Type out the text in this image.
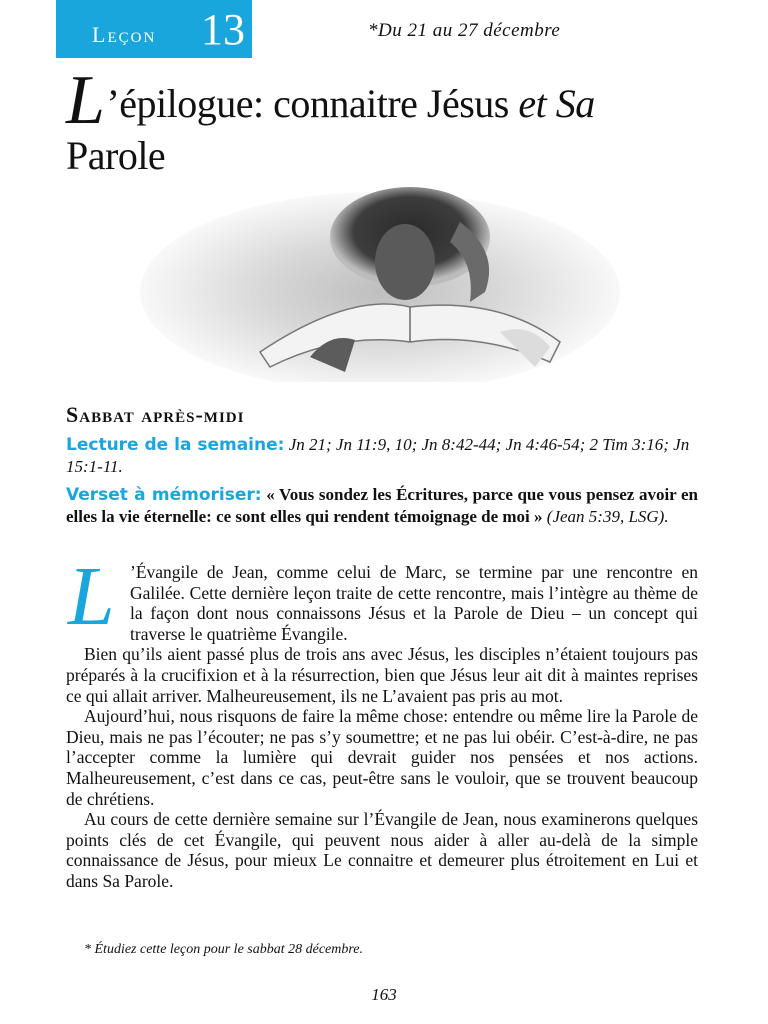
Leçon 13	*Du 21 au 27 décembre
L’épilogue: connaitre Jésus et Sa
Parole
Sabbat après-midi
Lecture de la semaine: Jn 21; Jn 11:9, 10; Jn 8:42-44; Jn 4:46-54; 2 Tim 3:16; Jn 15:1-11.
Verset à mémoriser: « Vous sondez les Écritures, parce que vous pensez avoir en elles la vie éternelle: ce sont elles qui rendent témoignage de moi » (Jean 5:39, LSG).
L ’Évangile de Jean, comme celui de Marc, se termine par une rencontre en Galilée. Cette dernière leçon traite de cette rencontre, mais l’intègre au thème de la façon dont nous connaissons Jésus et la Parole de Dieu – un concept qui traverse le quatrième Évangile.

Bien qu’ils aient passé plus de trois ans avec Jésus, les disciples n’étaient toujours pas préparés à la crucifixion et à la résurrection, bien que Jésus leur ait dit à maintes reprises ce qui allait arriver. Malheureusement, ils ne L’avaient pas pris au mot.

Aujourd’hui, nous risquons de faire la même chose: entendre ou même lire la Parole de Dieu, mais ne pas l’écouter; ne pas s’y soumettre; et ne pas lui obéir. C’est-à-dire, ne pas l’accepter comme la lumière qui devrait guider nos pensées et nos actions. Malheureusement, c’est dans ce cas, peut-être sans le vouloir, que se trouvent beaucoup de chrétiens.

Au cours de cette dernière semaine sur l’Évangile de Jean, nous examinerons quelques points clés de cet Évangile, qui peuvent nous aider à aller au-delà de la simple connaissance de Jésus, pour mieux Le connaitre et demeurer plus étroitement en Lui et dans Sa Parole.

* Étudiez cette leçon pour le sabbat 28 décembre.
163
